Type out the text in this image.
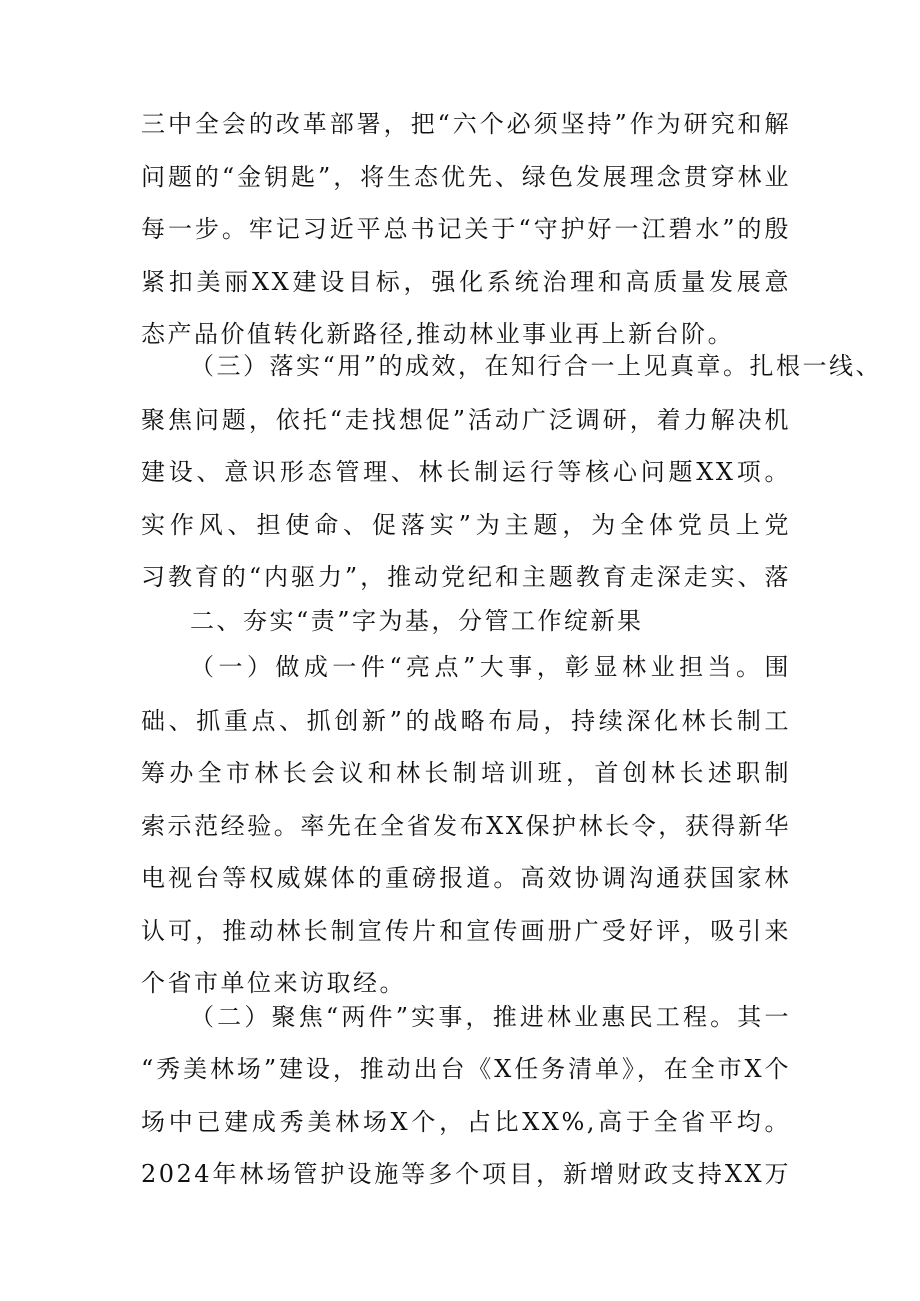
三中全会的改革部署，把“六个必须坚持”作为研究和解
问题的“金钥匙”，将生态优先、绿色发展理念贯穿林业
每一步。牢记习近平总书记关于“守护好一江碧水”的殷
紧扣美丽XX建设目标，强化系统治理和高质量发展意
态产品价值转化新路径,推动林业事业再上新台阶。
（三）落实“用”的成效，在知行合一上见真章。扎根一线、
聚焦问题，依托“走找想促”活动广泛调研，着力解决机
建设、意识形态管理、林长制运行等核心问题XX项。
实作风、担使命、促落实”为主题，为全体党员上党
习教育的“内驱力”，推动党纪和主题教育走深走实、落
二、夯实“责”字为基，分管工作绽新果
（一）做成一件“亮点”大事，彰显林业担当。围
础、抓重点、抓创新”的战略布局，持续深化林长制工
筹办全市林长会议和林长制培训班，首创林长述职制
索示范经验。率先在全省发布XX保护林长令，获得新华
电视台等权威媒体的重磅报道。高效协调沟通获国家林
认可，推动林长制宣传片和宣传画册广受好评，吸引来
个省市单位来访取经。
（二）聚焦“两件”实事，推进林业惠民工程。其一
“秀美林场”建设，推动出台《X任务清单》，在全市X个
场中已建成秀美林场X个，占比XX%,高于全省平均。
2024年林场管护设施等多个项目，新增财政支持XX万
